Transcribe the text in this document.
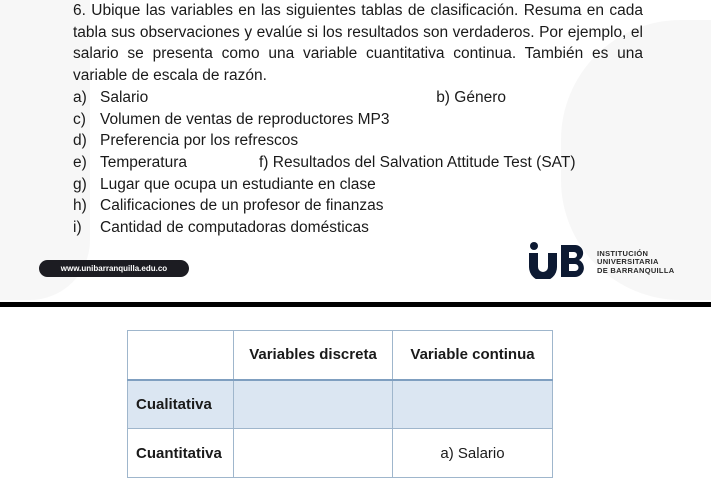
6. Ubique las variables en las siguientes tablas de clasificación. Resuma en cada tabla sus observaciones y evalúe si los resultados son verdaderos. Por ejemplo, el salario se presenta como una variable cuantitativa continua. También es una variable de escala de razón.

a) Salario	b)
Género
c) Volumen de ventas de reproductores MP3
d) Preferencia por los refrescos
e) Temperatura	f)
Resultados del Salvation Attitude Test (SAT)
g) Lugar que ocupa un estudiante en clase
h) Calificaciones de un profesor de finanzas
i)	Cantidad de computadoras domésticas
www.unibarranquilla.edu.co
INSTITUCIÓN
UNIVERSITARIA
DE BARRANQUILLA
	Variables discreta	Variable continua
Cualitativa		
Cuantitativa		a) Salario
